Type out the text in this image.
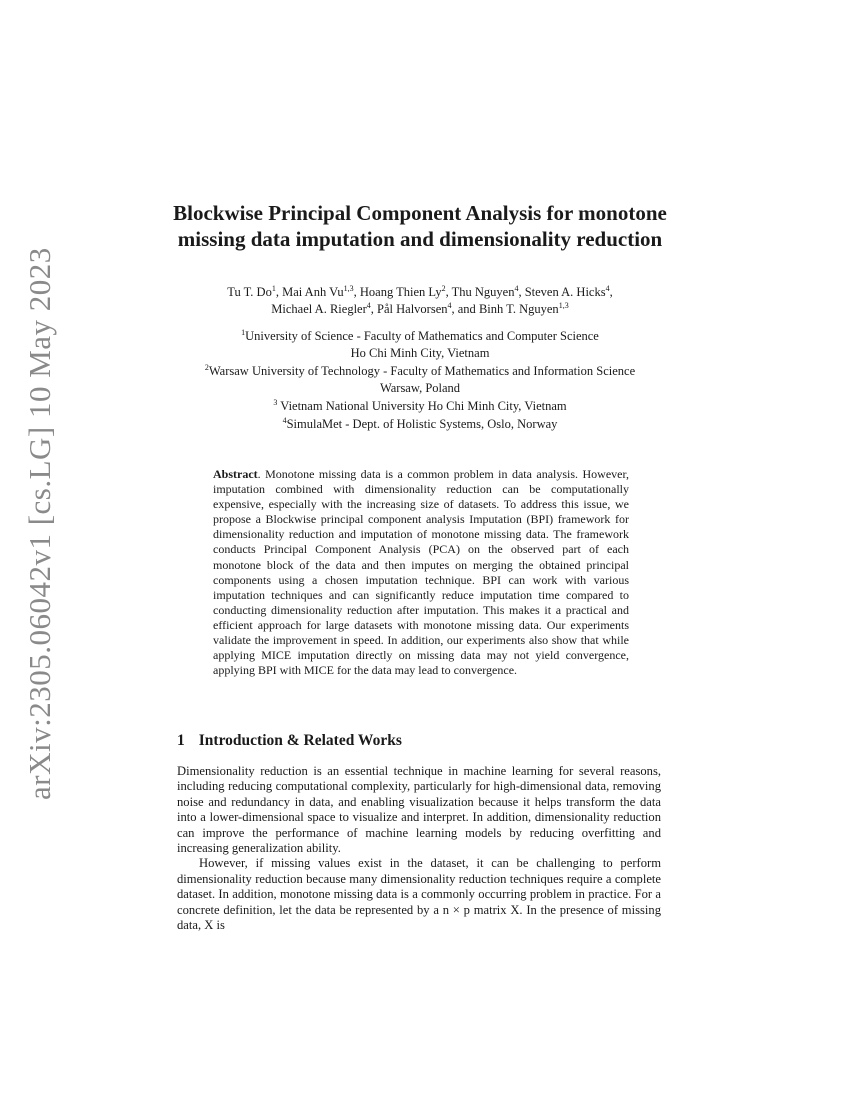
arXiv:2305.06042v1 [cs.LG] 10 May 2023
Blockwise Principal Component Analysis for monotone missing data imputation and dimensionality reduction
Tu T. Do$^1$, Mai Anh Vu$^{1,3}$, Hoang Thien Ly$^2$, Thu Nguyen$^4$, Steven A. Hicks$^4$,
Michael A. Riegler$^4$, Pål Halvorsen$^4$, and Binh T. Nguyen$^{1,3}$
$^1$University of Science - Faculty of Mathematics and Computer Science
Ho Chi Minh City, Vietnam
$^2$Warsaw University of Technology - Faculty of Mathematics and Information Science
Warsaw, Poland
$^3$ Vietnam National University Ho Chi Minh City, Vietnam
$^4$SimulaMet - Dept. of Holistic Systems, Oslo, Norway
Abstract. Monotone missing data is a common problem in data analysis. However, imputation combined with dimensionality reduction can be computationally expensive, especially with the increasing size of datasets. To address this issue, we propose a Blockwise principal component analysis Imputation (BPI) framework for dimensionality reduction and imputation of monotone missing data. The framework conducts Principal Component Analysis (PCA) on the observed part of each monotone block of the data and then imputes on merging the obtained principal components using a chosen imputation technique. BPI can work with various imputation techniques and can significantly reduce imputation time compared to conducting dimensionality reduction after imputation. This makes it a practical and efficient approach for large datasets with monotone missing data. Our experiments validate the improvement in speed. In addition, our experiments also show that while applying MICE imputation directly on missing data may not yield convergence, applying BPI with MICE for the data may lead to convergence.
1 Introduction & Related Works

Dimensionality reduction is an essential technique in machine learning for several reasons, including reducing computational complexity, particularly for high-dimensional data, removing noise and redundancy in data, and enabling visualization because it helps transform the data into a lower-dimensional space to visualize and interpret. In addition, dimensionality reduction can improve the performance of machine learning models by reducing overfitting and increasing generalization ability.

However, if missing values exist in the dataset, it can be challenging to perform dimensionality reduction because many dimensionality reduction techniques require a complete dataset. In addition, monotone missing data is a commonly occurring problem in practice. For a concrete definition, let the data be represented by a n × p matrix X. In the presence of missing data, X is
